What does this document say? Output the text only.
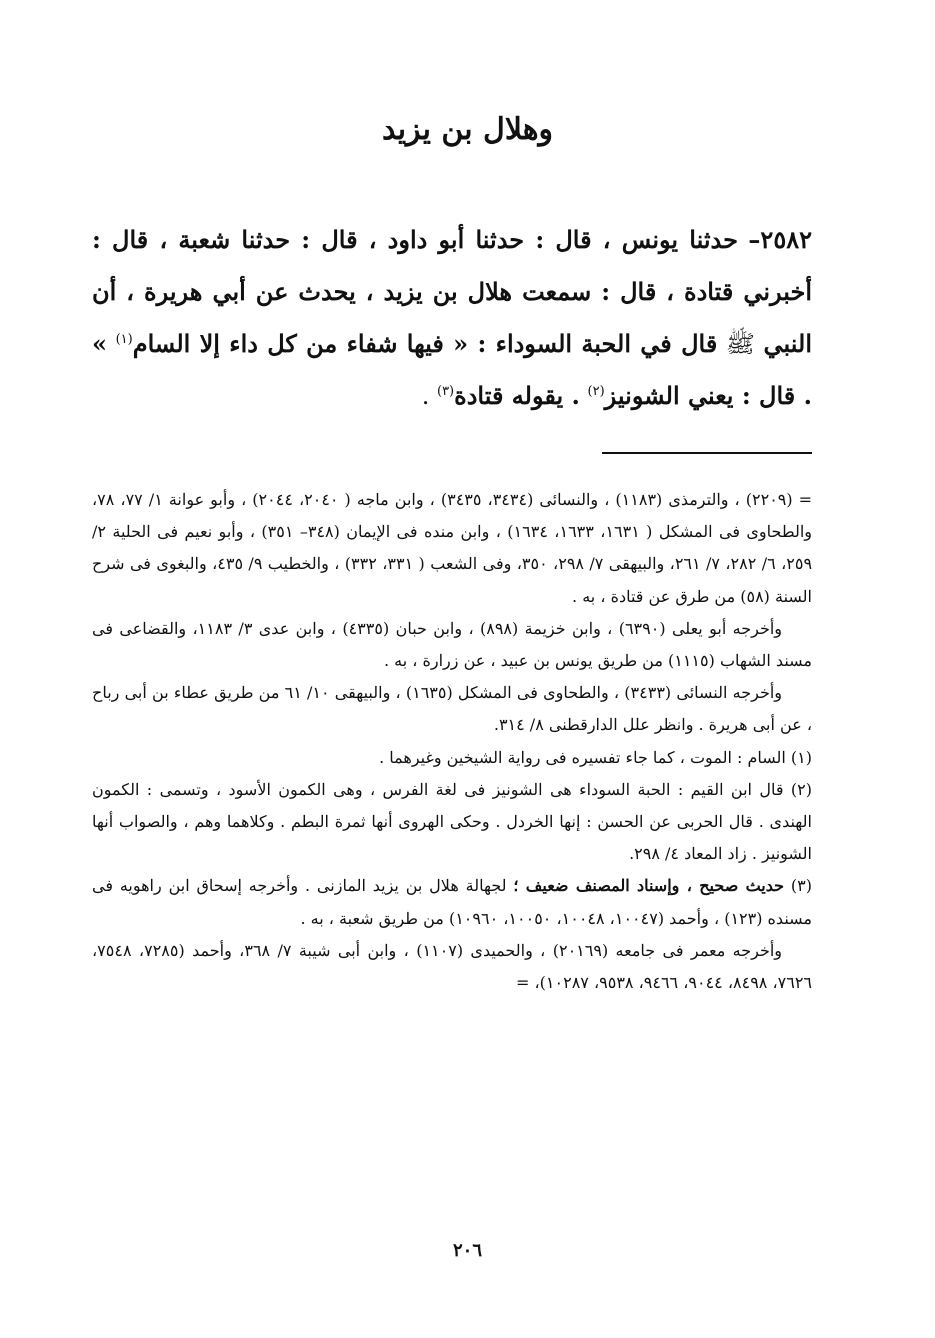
وهلال بن يزيد
٢٥٨٢– حدثنا يونس ، قال : حدثنا أبو داود ، قال : حدثنا شعبة ، قال : أخبرني قتادة ، قال : سمعت هلال بن يزيد ، يحدث عن أبي هريرة ، أن النبي ﷺ قال في الحبة السوداء : « فيها شفاء من كل داء إلا السام$^{(١)}$ » . قال : يعني الشونيز$^{(٢)}$ . يقوله قتادة$^{(٣)}$ .

= (٢٢٠٩) ، والترمذى (١١٨٣) ، والنسائى (٣٤٣٤، ٣٤٣٥) ، وابن ماجه ( ٢٠٤٠، ٢٠٤٤) ، وأبو عوانة ١/ ٧٧، ٧٨، والطحاوى فى المشكل ( ١٦٣١، ١٦٣٣، ١٦٣٤) ، وابن منده فى الإيمان (٣٤٨– ٣٥١) ، وأبو نعيم فى الحلية ٢/ ٢٥٩، ٦/ ٢٨٢، ٧/ ٢٦١، والبيهقى ٧/ ٢٩٨، ٣٥٠، وفى الشعب ( ٣٣١، ٣٣٢) ، والخطيب ٩/ ٤٣٥، والبغوى فى شرح السنة (٥٨) من طرق عن قتادة ، به .

وأخرجه أبو يعلى (٦٣٩٠) ، وابن خزيمة (٨٩٨) ، وابن حبان (٤٣٣٥) ، وابن عدى ٣/ ١١٨٣، والقضاعى فى مسند الشهاب (١١١٥) من طريق يونس بن عبيد ، عن زرارة ، به .

وأخرجه النسائى (٣٤٣٣) ، والطحاوى فى المشكل (١٦٣٥) ، والبيهقى ١٠/ ٦١ من طريق عطاء بن أبى رباح ، عن أبى هريرة . وانظر علل الدارقطنى ٨/ ٣١٤.

(١) السام : الموت ، كما جاء تفسيره فى رواية الشيخين وغيرهما .

(٢) قال ابن القيم : الحبة السوداء هى الشونيز فى لغة الفرس ، وهى الكمون الأسود ، وتسمى : الكمون الهندى . قال الحربى عن الحسن : إنها الخردل . وحكى الهروى أنها ثمرة البطم . وكلاهما وهم ، والصواب أنها الشونيز . زاد المعاد ٤/ ٢٩٨.

(٣) حديث صحيح ، وإسناد المصنف ضعيف ؛ لجهالة هلال بن يزيد المازنى . وأخرجه إسحاق ابن راهويه فى مسنده (١٢٣) ، وأحمد (١٠٠٤٧، ١٠٠٤٨، ١٠٠٥٠، ١٠٩٦٠) من طريق شعبة ، به .

وأخرجه معمر فى جامعه (٢٠١٦٩) ، والحميدى (١١٠٧) ، وابن أبى شيبة ٧/ ٣٦٨، وأحمد (٧٢٨٥، ٧٥٤٨، ٧٦٢٦، ٨٤٩٨، ٩٠٤٤، ٩٤٦٦، ٩٥٣٨، ١٠٢٨٧)، =

٢٠٦
